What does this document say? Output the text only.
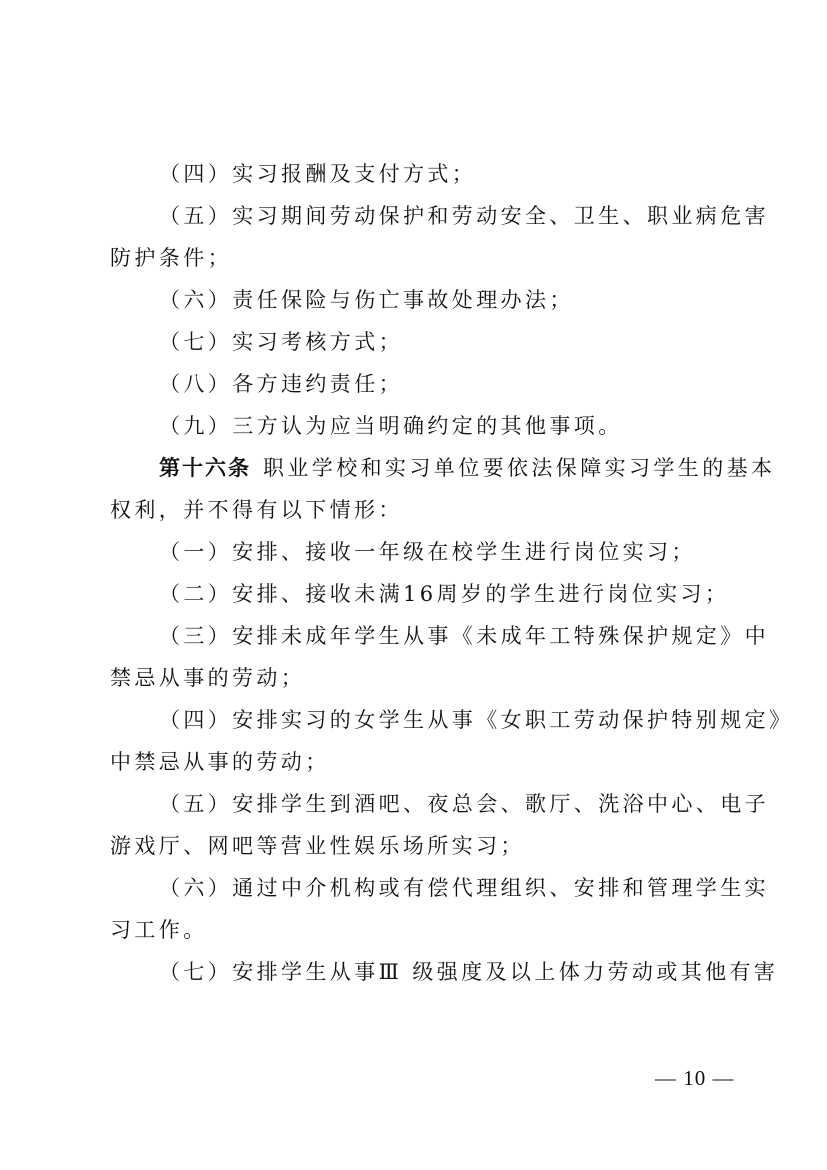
（四）实习报酬及支付方式；
（五）实习期间劳动保护和劳动安全、卫生、职业病危害
防护条件；
（六）责任保险与伤亡事故处理办法；
（七）实习考核方式；
（八）各方违约责任；
（九）三方认为应当明确约定的其他事项。
第十六条 职业学校和实习单位要依法保障实习学生的基本
权利，并不得有以下情形：
（一）安排、接收一年级在校学生进行岗位实习；
（二）安排、接收未满16周岁的学生进行岗位实习；
（三）安排未成年学生从事《未成年工特殊保护规定》中
禁忌从事的劳动；
（四）安排实习的女学生从事《女职工劳动保护特别规定》
中禁忌从事的劳动；
（五）安排学生到酒吧、夜总会、歌厅、洗浴中心、电子
游戏厅、网吧等营业性娱乐场所实习；
（六）通过中介机构或有偿代理组织、安排和管理学生实
习工作。
（七）安排学生从事Ⅲ 级强度及以上体力劳动或其他有害
— 10 —
